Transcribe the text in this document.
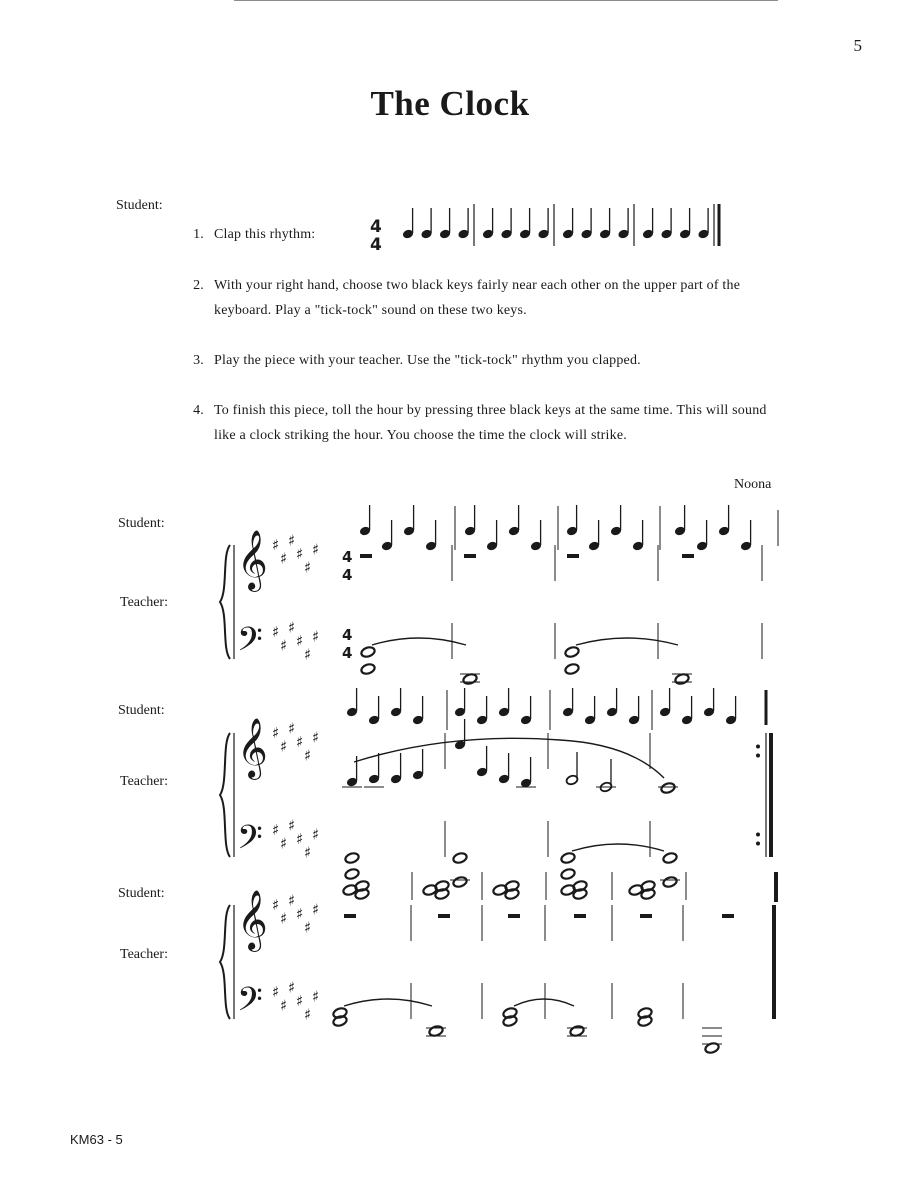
5
The Clock
Student:
1. Clap this rhythm:
2. With your right hand, choose two black keys fairly near each other on the upper part of the keyboard. Play a "tick-tock" sound on these two keys.
3. Play the piece with your teacher. Use the "tick-tock" rhythm you clapped.
4. To finish this piece, toll the hour by pressing three black keys at the same time. This will sound like a clock striking the hour. You choose the time the clock will strike.
Noona
Student:
Teacher:
Student:
Teacher:
Student:
Teacher:
4
4
𝄞
𝄢
♯
♯
♯
♯
♯
♯
♯
♯
♯
♯
♯
♯
4
4
4
4
𝄞
𝄢
♯
♯
♯
♯
♯
♯
♯
♯
♯
♯
♯
♯
𝄞
𝄢
♯
♯
♯
♯
♯
♯
♯
♯
♯
♯
♯
♯
KM63 - 5
